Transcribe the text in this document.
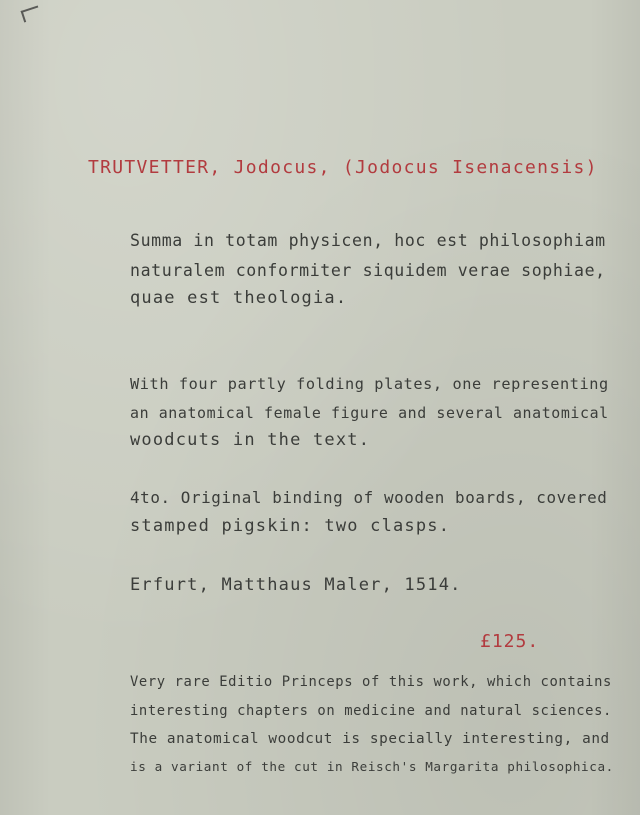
TRUTVETTER, Jodocus, (Jodocus Isenacensis)
Summa in totam physicen, hoc est philosophiam
naturalem conformiter siquidem verae sophiae,
quae est theologia.
With four partly folding plates, one representing
an anatomical female figure and several anatomical
woodcuts in the text.
4to. Original binding of wooden boards, covered
stamped pigskin: two clasps.
Erfurt, Matthaus Maler, 1514.
£125.
Very rare Editio Princeps of this work, which contains
interesting chapters on medicine and natural sciences.
The anatomical woodcut is specially interesting, and
is a variant of the cut in Reisch's Margarita philosophica.
